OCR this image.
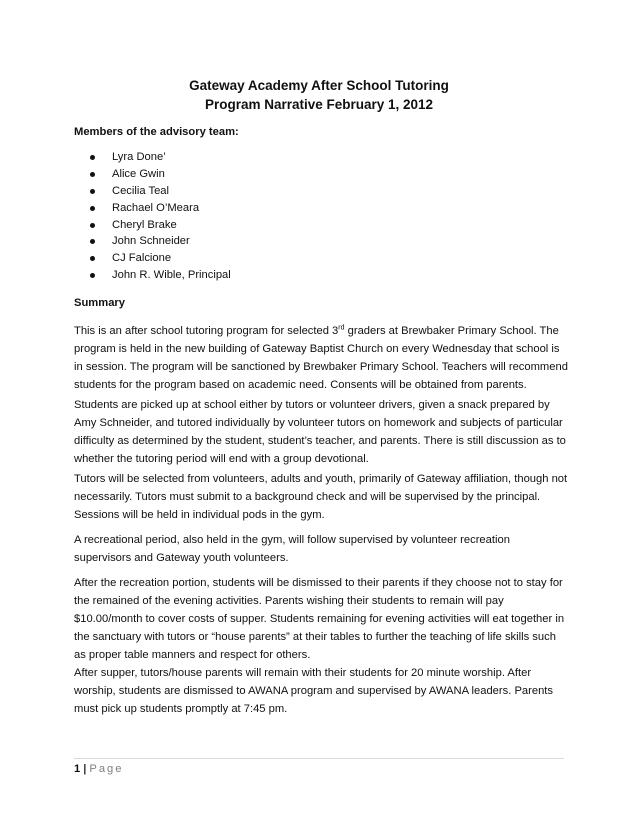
Gateway Academy After School Tutoring
Program Narrative February 1, 2012
Members of the advisory team:
Lyra Done’
Alice Gwin
Cecilia Teal
Rachael O’Meara
Cheryl Brake
John Schneider
CJ Falcione
John R. Wible, Principal
Summary

This is an after school tutoring program for selected 3rd graders at Brewbaker Primary School. The program is held in the new building of Gateway Baptist Church on every Wednesday that school is in session. The program will be sanctioned by Brewbaker Primary School. Teachers will recommend students for the program based on academic need. Consents will be obtained from parents.

Students are picked up at school either by tutors or volunteer drivers, given a snack prepared by Amy Schneider, and tutored individually by volunteer tutors on homework and subjects of particular difficulty as determined by the student, student’s teacher, and parents. There is still discussion as to whether the tutoring period will end with a group devotional.

Tutors will be selected from volunteers, adults and youth, primarily of Gateway affiliation, though not necessarily. Tutors must submit to a background check and will be supervised by the principal. Sessions will be held in individual pods in the gym.

A recreational period, also held in the gym, will follow supervised by volunteer recreation supervisors and Gateway youth volunteers.

After the recreation portion, students will be dismissed to their parents if they choose not to stay for the remained of the evening activities. Parents wishing their students to remain will pay $10.00/month to cover costs of supper. Students remaining for evening activities will eat together in the sanctuary with tutors or “house parents” at their tables to further the teaching of life skills such as proper table manners and respect for others.

After supper, tutors/house parents will remain with their students for 20 minute worship. After worship, students are dismissed to AWANA program and supervised by AWANA leaders. Parents must pick up students promptly at 7:45 pm.

1 | Page
